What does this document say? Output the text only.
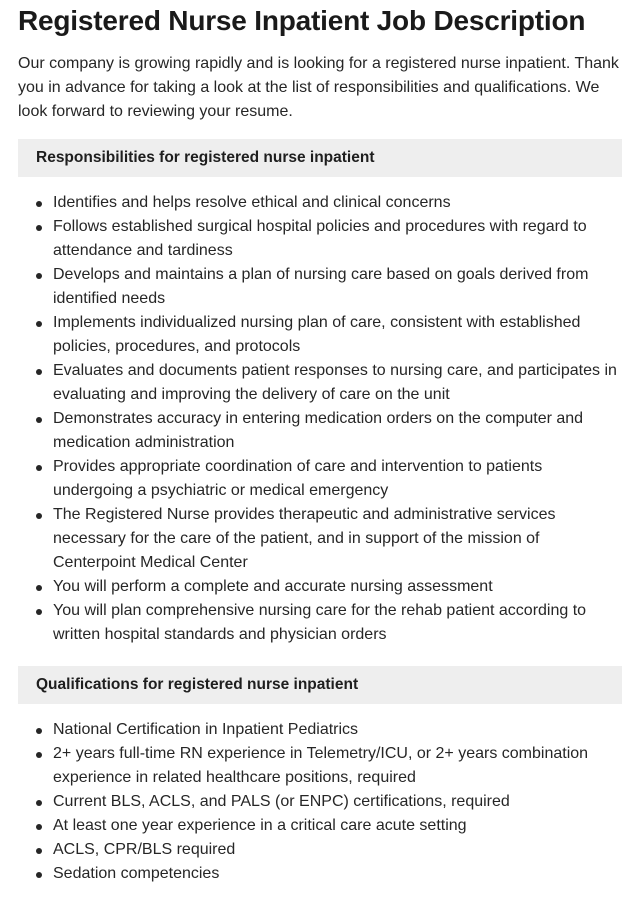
Registered Nurse Inpatient Job Description

Our company is growing rapidly and is looking for a registered nurse inpatient. Thank you in advance for taking a look at the list of responsibilities and qualifications. We look forward to reviewing your resume.

Responsibilities for registered nurse inpatient
Identifies and helps resolve ethical and clinical concerns
Follows established surgical hospital policies and procedures with regard to attendance and tardiness
Develops and maintains a plan of nursing care based on goals derived from identified needs
Implements individualized nursing plan of care, consistent with established policies, procedures, and protocols
Evaluates and documents patient responses to nursing care, and participates in evaluating and improving the delivery of care on the unit
Demonstrates accuracy in entering medication orders on the computer and medication administration
Provides appropriate coordination of care and intervention to patients undergoing a psychiatric or medical emergency
The Registered Nurse provides therapeutic and administrative services necessary for the care of the patient, and in support of the mission of Centerpoint Medical Center
You will perform a complete and accurate nursing assessment
You will plan comprehensive nursing care for the rehab patient according to written hospital standards and physician orders
Qualifications for registered nurse inpatient
National Certification in Inpatient Pediatrics
2+ years full-time RN experience in Telemetry/ICU, or 2+ years combination experience in related healthcare positions, required
Current BLS, ACLS, and PALS (or ENPC) certifications, required
At least one year experience in a critical care acute setting
ACLS, CPR/BLS required
Sedation competencies
